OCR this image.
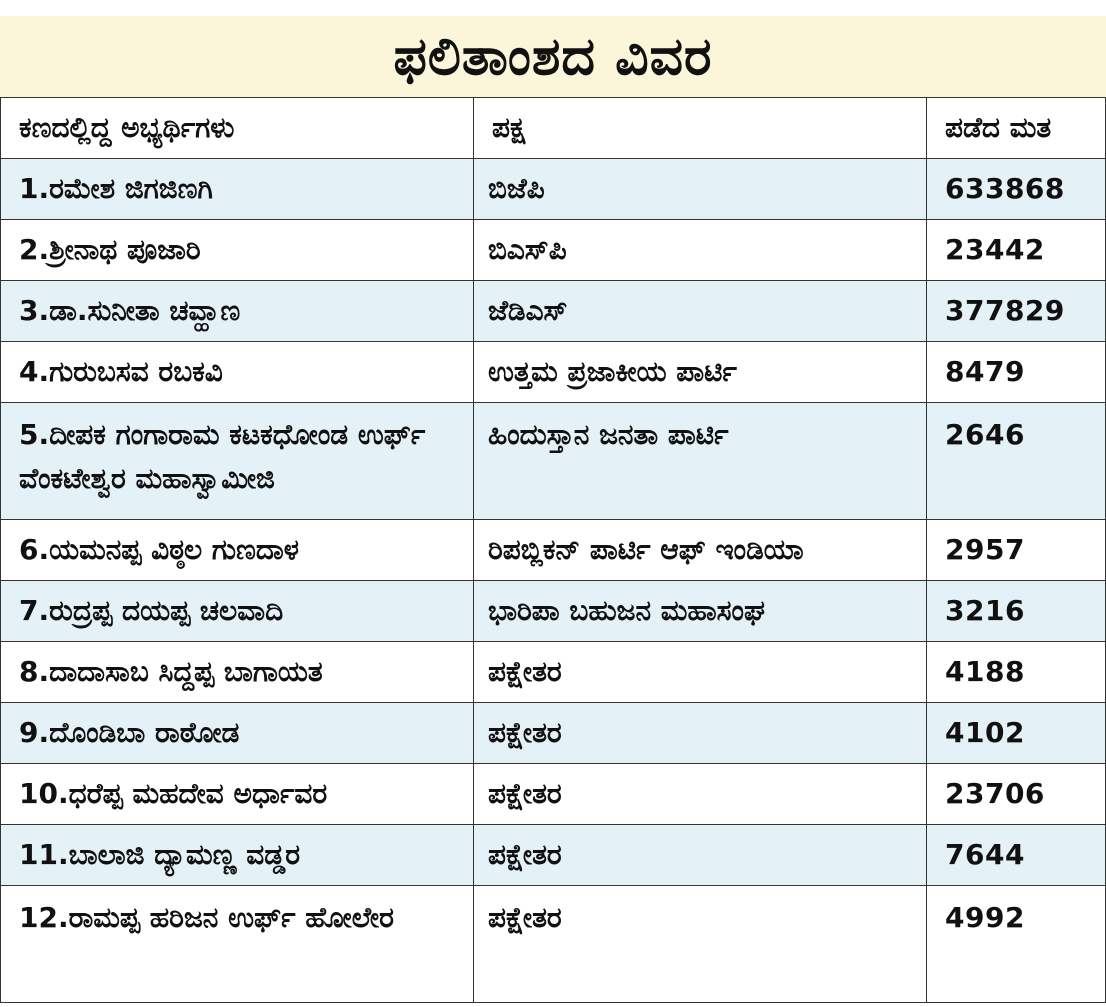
ಫಲಿತಾಂಶದ ವಿವರ
ಕಣದಲ್ಲಿದ್ದ ಅಭ್ಯರ್ಥಿಗಳು	ಪಕ್ಷ	ಪಡೆದ ಮತ
1.ರಮೇಶ ಜಿಗಜಿಣಗಿ	ಬಿಜೆಪಿ	633868
2.ಶ್ರೀನಾಥ ಪೂಜಾರಿ	ಬಿಎಸ್‌ಪಿ	23442
3.ಡಾ.ಸುನೀತಾ ಚವ್ಹಾಣ	ಜೆಡಿಎಸ್	377829
4.ಗುರುಬಸವ ರಬಕವಿ	ಉತ್ತಮ ಪ್ರಜಾಕೀಯ ಪಾರ್ಟಿ	8479
5.ದೀಪಕ ಗಂಗಾರಾಮ ಕಟಕಧೋಂಡ ಉರ್ಫ್ ವೆಂಕಟೇಶ್ವರ ಮಹಾಸ್ವಾಮೀಜಿ	ಹಿಂದುಸ್ತಾನ ಜನತಾ ಪಾರ್ಟಿ	2646
6.ಯಮನಪ್ಪ ವಿಠ್ಠಲ ಗುಣದಾಳ	ರಿಪಬ್ಲಿಕನ್ ಪಾರ್ಟಿ ಆಫ್ ಇಂಡಿಯಾ	2957
7.ರುದ್ರಪ್ಪ ದಯಪ್ಪ ಚಲವಾದಿ	ಭಾರಿಪಾ ಬಹುಜನ ಮಹಾಸಂಘ	3216
8.ದಾದಾಸಾಬ ಸಿದ್ದಪ್ಪ ಬಾಗಾಯತ	ಪಕ್ಷೇತರ	4188
9.ದೊಂಡಿಬಾ ರಾಠೋಡ	ಪಕ್ಷೇತರ	4102
10.ಧರೆಪ್ಪ ಮಹದೇವ ಅರ್ಧಾವರ	ಪಕ್ಷೇತರ	23706
11.ಬಾಲಾಜಿ ದ್ಯಾಮಣ್ಣ ವಡ್ಡರ	ಪಕ್ಷೇತರ	7644
12.ರಾಮಪ್ಪ ಹರಿಜನ ಉರ್ಫ್ ಹೋಲೇರ	ಪಕ್ಷೇತರ	4992
